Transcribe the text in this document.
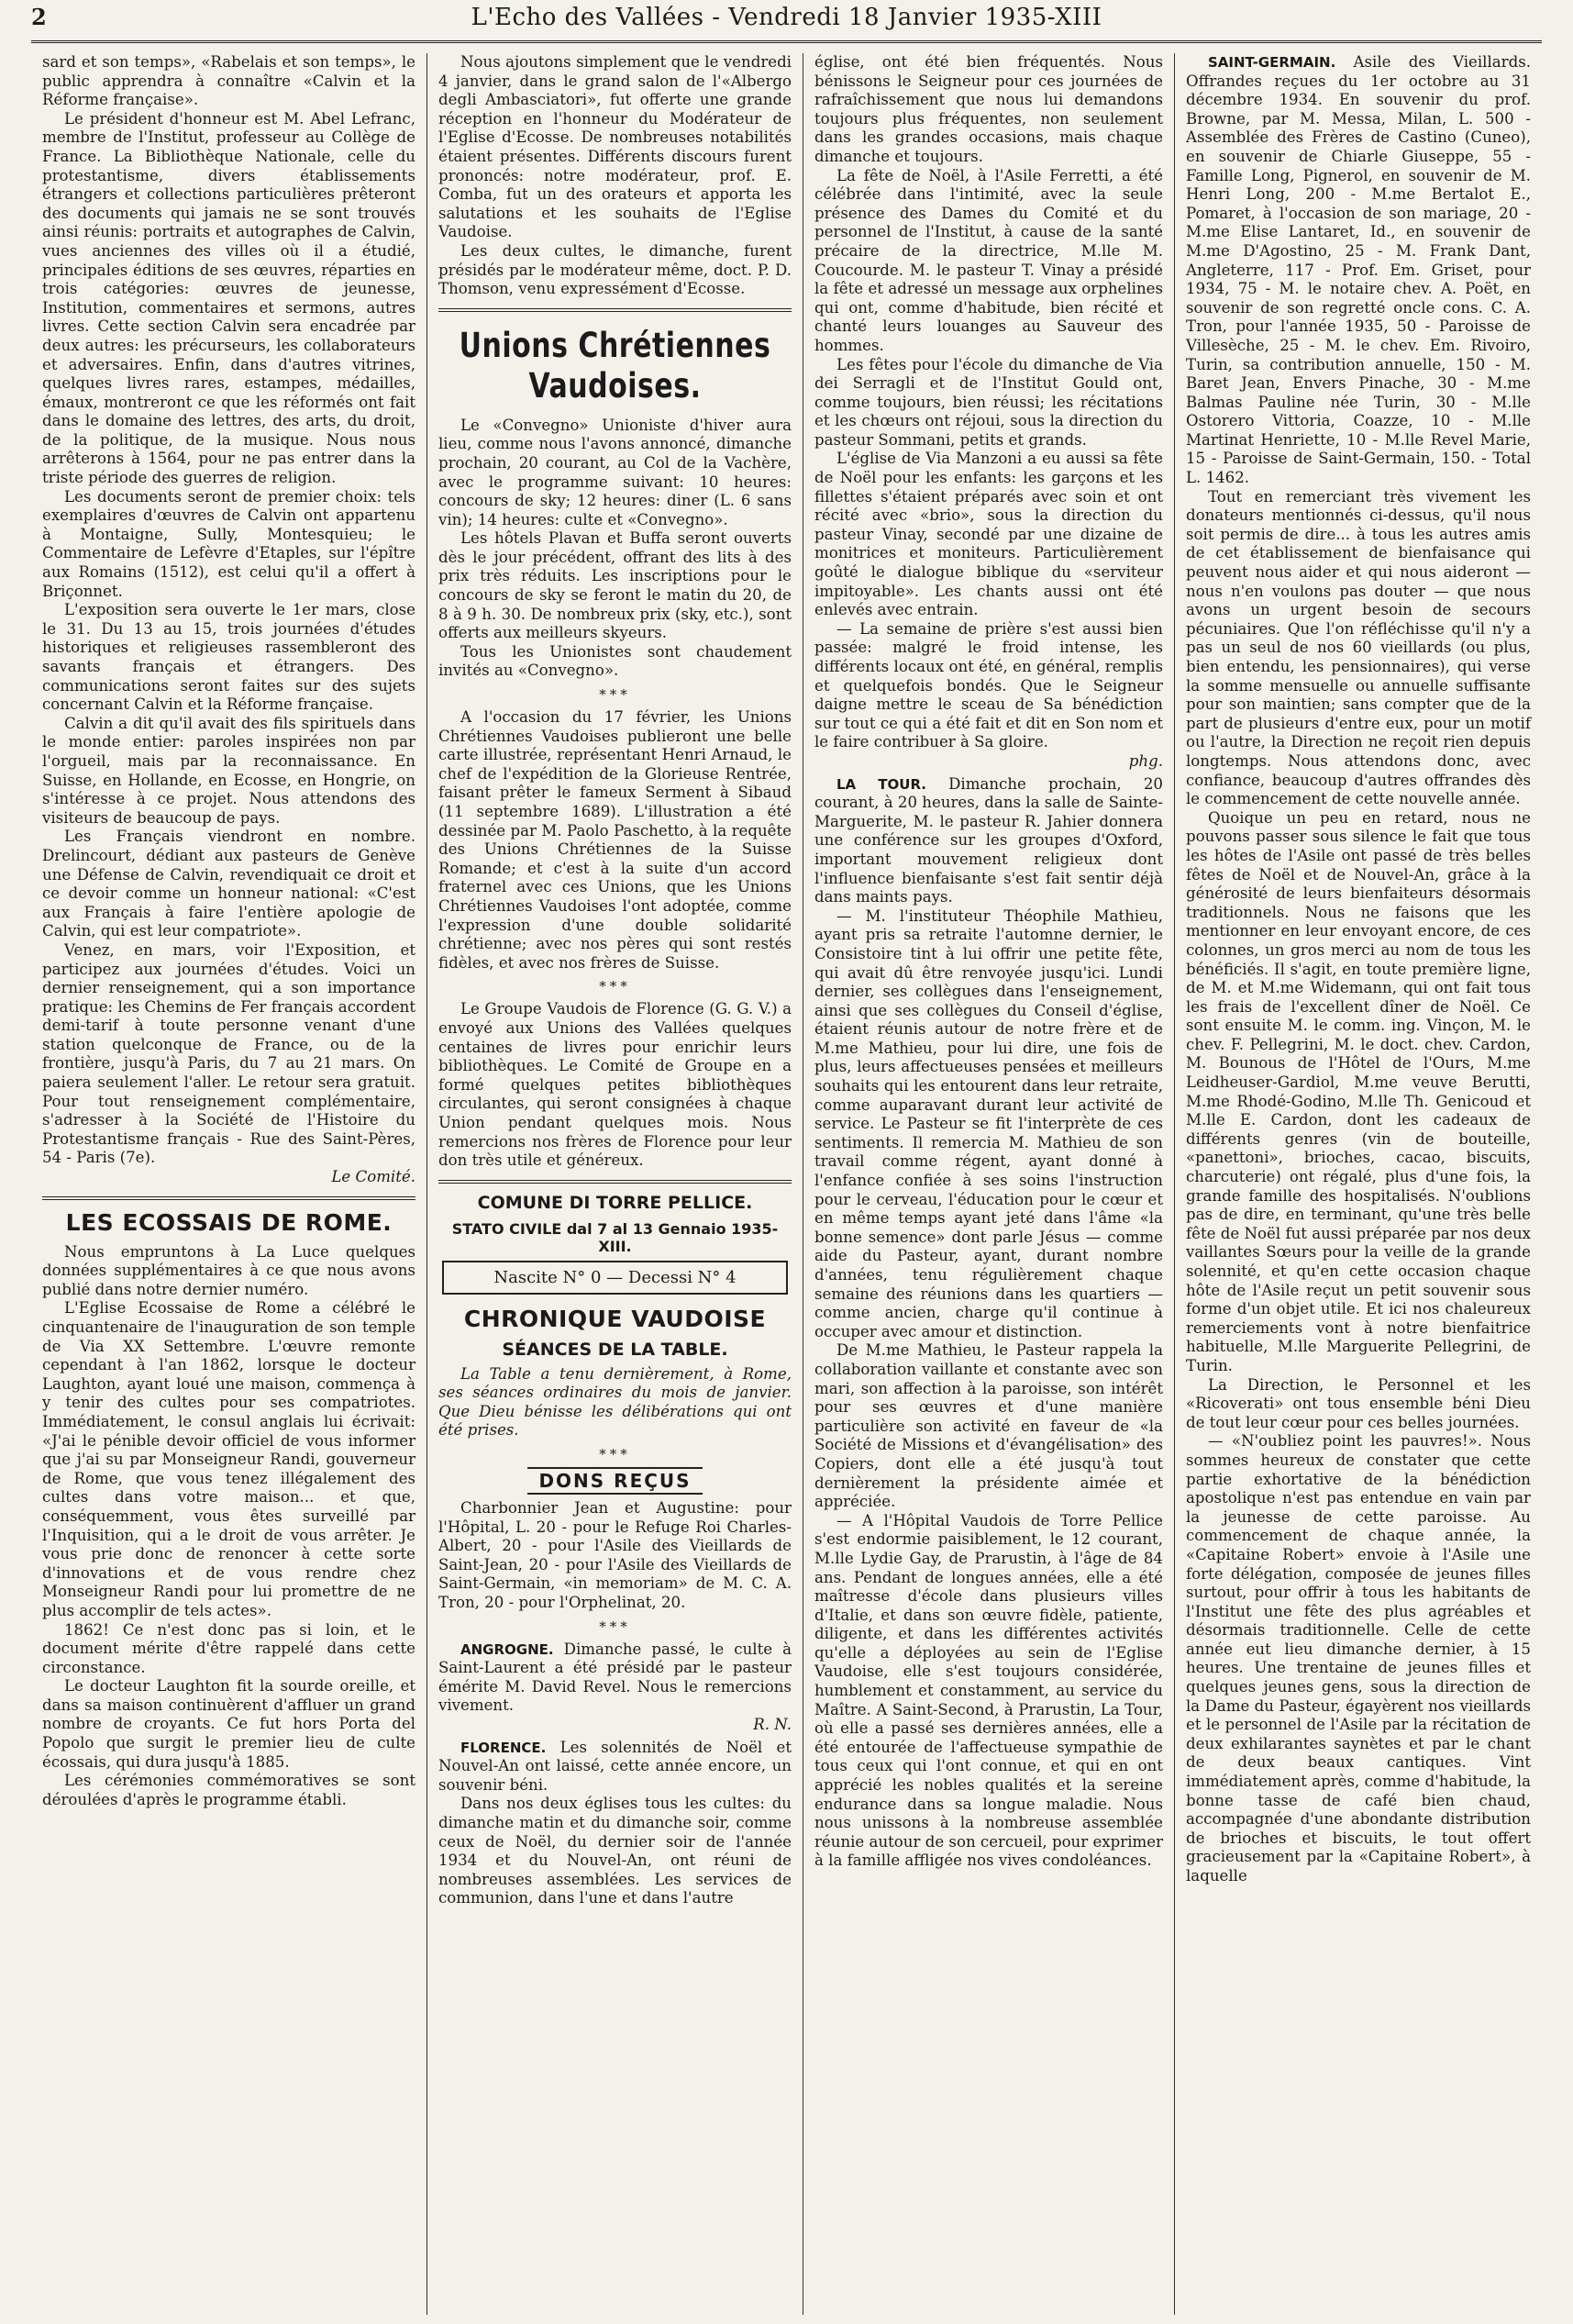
2	L'Echo des Vallées - Vendredi 18 Janvier 1935-XIII

sard et son temps», «Rabelais et son temps», le public apprendra à connaître «Calvin et la Réforme française».

Le président d'honneur est M. Abel Lefranc, membre de l'Institut, professeur au Collège de France. La Bibliothèque Nationale, celle du protestantisme, divers établissements étrangers et collections particulières prêteront des documents qui jamais ne se sont trouvés ainsi réunis: portraits et autographes de Calvin, vues anciennes des villes où il a étudié, principales éditions de ses œuvres, réparties en trois catégories: œuvres de jeunesse, Institution, commentaires et sermons, autres livres. Cette section Calvin sera encadrée par deux autres: les précurseurs, les collaborateurs et adversaires. Enfin, dans d'autres vitrines, quelques livres rares, estampes, médailles, émaux, montreront ce que les réformés ont fait dans le domaine des lettres, des arts, du droit, de la politique, de la musique. Nous nous arrêterons à 1564, pour ne pas entrer dans la triste période des guerres de religion.

Les documents seront de premier choix: tels exemplaires d'œuvres de Calvin ont appartenu à Montaigne, Sully, Montesquieu; le Commentaire de Lefèvre d'Etaples, sur l'épître aux Romains (1512), est celui qu'il a offert à Briçonnet.

L'exposition sera ouverte le 1er mars, close le 31. Du 13 au 15, trois journées d'études historiques et religieuses rassembleront des savants français et étrangers. Des communications seront faites sur des sujets concernant Calvin et la Réforme française.

Calvin a dit qu'il avait des fils spirituels dans le monde entier: paroles inspirées non par l'orgueil, mais par la reconnaissance. En Suisse, en Hollande, en Ecosse, en Hongrie, on s'intéresse à ce projet. Nous attendons des visiteurs de beaucoup de pays.

Les Français viendront en nombre. Drelincourt, dédiant aux pasteurs de Genève une Défense de Calvin, revendiquait ce droit et ce devoir comme un honneur national: «C'est aux Français à faire l'entière apologie de Calvin, qui est leur compatriote».

Venez, en mars, voir l'Exposition, et participez aux journées d'études. Voici un dernier renseignement, qui a son importance pratique: les Chemins de Fer français accordent demi-tarif à toute personne venant d'une station quelconque de France, ou de la frontière, jusqu'à Paris, du 7 au 21 mars. On paiera seulement l'aller. Le retour sera gratuit. Pour tout renseignement complémentaire, s'adresser à la Société de l'Histoire du Protestantisme français - Rue des Saint-Pères, 54 - Paris (7e).

Le Comité.
LES ECOSSAIS DE ROME.

Nous empruntons à La Luce quelques données supplémentaires à ce que nous avons publié dans notre dernier numéro.

L'Eglise Ecossaise de Rome a célébré le cinquantenaire de l'inauguration de son temple de Via XX Settembre. L'œuvre remonte cependant à l'an 1862, lorsque le docteur Laughton, ayant loué une maison, commença à y tenir des cultes pour ses compatriotes. Immédiatement, le consul anglais lui écrivait: «J'ai le pénible devoir officiel de vous informer que j'ai su par Monseigneur Randi, gouverneur de Rome, que vous tenez illégalement des cultes dans votre maison... et que, conséquemment, vous êtes surveillé par l'Inquisition, qui a le droit de vous arrêter. Je vous prie donc de renoncer à cette sorte d'innovations et de vous rendre chez Monseigneur Randi pour lui promettre de ne plus accomplir de tels actes».

1862! Ce n'est donc pas si loin, et le document mérite d'être rappelé dans cette circonstance.

Le docteur Laughton fit la sourde oreille, et dans sa maison continuèrent d'affluer un grand nombre de croyants. Ce fut hors Porta del Popolo que surgit le premier lieu de culte écossais, qui dura jusqu'à 1885.

Les cérémonies commémoratives se sont déroulées d'après le programme établi.

Nous ajoutons simplement que le vendredi 4 janvier, dans le grand salon de l'«Albergo degli Ambasciatori», fut offerte une grande réception en l'honneur du Modérateur de l'Eglise d'Ecosse. De nombreuses notabilités étaient présentes. Différents discours furent prononcés: notre modérateur, prof. E. Comba, fut un des orateurs et apporta les salutations et les souhaits de l'Eglise Vaudoise.

Les deux cultes, le dimanche, furent présidés par le modérateur même, doct. P. D. Thomson, venu expressément d'Ecosse.

Unions Chrétiennes Vaudoises.

Le «Convegno» Unioniste d'hiver aura lieu, comme nous l'avons annoncé, dimanche prochain, 20 courant, au Col de la Vachère, avec le programme suivant: 10 heures: concours de sky; 12 heures: diner (L. 6 sans vin); 14 heures: culte et «Convegno».

Les hôtels Plavan et Buffa seront ouverts dès le jour précédent, offrant des lits à des prix très réduits. Les inscriptions pour le concours de sky se feront le matin du 20, de 8 à 9 h. 30. De nombreux prix (sky, etc.), sont offerts aux meilleurs skyeurs.

Tous les Unionistes sont chaudement invités au «Convegno».

***

A l'occasion du 17 février, les Unions Chrétiennes Vaudoises publieront une belle carte illustrée, représentant Henri Arnaud, le chef de l'expédition de la Glorieuse Rentrée, faisant prêter le fameux Serment à Sibaud (11 septembre 1689). L'illustration a été dessinée par M. Paolo Paschetto, à la requête des Unions Chrétiennes de la Suisse Romande; et c'est à la suite d'un accord fraternel avec ces Unions, que les Unions Chrétiennes Vaudoises l'ont adoptée, comme l'expression d'une double solidarité chrétienne; avec nos pères qui sont restés fidèles, et avec nos frères de Suisse.

***

Le Groupe Vaudois de Florence (G. G. V.) a envoyé aux Unions des Vallées quelques centaines de livres pour enrichir leurs bibliothèques. Le Comité de Groupe en a formé quelques petites bibliothèques circulantes, qui seront consignées à chaque Union pendant quelques mois. Nous remercions nos frères de Florence pour leur don très utile et généreux.

COMUNE DI TORRE PELLICE.
STATO CIVILE dal 7 al 13 Gennaio 1935-XIII.
Nascite N° 0 — Decessi N° 4
CHRONIQUE VAUDOISE
SÉANCES DE LA TABLE.

La Table a tenu dernièrement, à Rome, ses séances ordinaires du mois de janvier. Que Dieu bénisse les délibérations qui ont été prises.

***
DONS REÇUS

Charbonnier Jean et Augustine: pour l'Hôpital, L. 20 - pour le Refuge Roi Charles-Albert, 20 - pour l'Asile des Vieillards de Saint-Jean, 20 - pour l'Asile des Vieillards de Saint-Germain, «in memoriam» de M. C. A. Tron, 20 - pour l'Orphelinat, 20.

***

ANGROGNE. Dimanche passé, le culte à Saint-Laurent a été présidé par le pasteur émérite M. David Revel. Nous le remercions vivement.

R. N.

FLORENCE. Les solennités de Noël et Nouvel-An ont laissé, cette année encore, un souvenir béni.

Dans nos deux églises tous les cultes: du dimanche matin et du dimanche soir, comme ceux de Noël, du dernier soir de l'année 1934 et du Nouvel-An, ont réuni de nombreuses assemblées. Les services de communion, dans l'une et dans l'autre

église, ont été bien fréquentés. Nous bénissons le Seigneur pour ces journées de rafraîchissement que nous lui demandons toujours plus fréquentes, non seulement dans les grandes occasions, mais chaque dimanche et toujours.

La fête de Noël, à l'Asile Ferretti, a été célébrée dans l'intimité, avec la seule présence des Dames du Comité et du personnel de l'Institut, à cause de la santé précaire de la directrice, M.lle M. Coucourde. M. le pasteur T. Vinay a présidé la fête et adressé un message aux orphelines qui ont, comme d'habitude, bien récité et chanté leurs louanges au Sauveur des hommes.

Les fêtes pour l'école du dimanche de Via dei Serragli et de l'Institut Gould ont, comme toujours, bien réussi; les récitations et les chœurs ont réjoui, sous la direction du pasteur Sommani, petits et grands.

L'église de Via Manzoni a eu aussi sa fête de Noël pour les enfants: les garçons et les fillettes s'étaient préparés avec soin et ont récité avec «brio», sous la direction du pasteur Vinay, secondé par une dizaine de monitrices et moniteurs. Particulièrement goûté le dialogue biblique du «serviteur impitoyable». Les chants aussi ont été enlevés avec entrain.

— La semaine de prière s'est aussi bien passée: malgré le froid intense, les différents locaux ont été, en général, remplis et quelquefois bondés. Que le Seigneur daigne mettre le sceau de Sa bénédiction sur tout ce qui a été fait et dit en Son nom et le faire contribuer à Sa gloire.

phg.

LA TOUR. Dimanche prochain, 20 courant, à 20 heures, dans la salle de Sainte-Marguerite, M. le pasteur R. Jahier donnera une conférence sur les groupes d'Oxford, important mouvement religieux dont l'influence bienfaisante s'est fait sentir déjà dans maints pays.

— M. l'instituteur Théophile Mathieu, ayant pris sa retraite l'automne dernier, le Consistoire tint à lui offrir une petite fête, qui avait dû être renvoyée jusqu'ici. Lundi dernier, ses collègues dans l'enseignement, ainsi que ses collègues du Conseil d'église, étaient réunis autour de notre frère et de M.me Mathieu, pour lui dire, une fois de plus, leurs affectueuses pensées et meilleurs souhaits qui les entourent dans leur retraite, comme auparavant durant leur activité de service. Le Pasteur se fit l'interprète de ces sentiments. Il remercia M. Mathieu de son travail comme régent, ayant donné à l'enfance confiée à ses soins l'instruction pour le cerveau, l'éducation pour le cœur et en même temps ayant jeté dans l'âme «la bonne semence» dont parle Jésus — comme aide du Pasteur, ayant, durant nombre d'années, tenu régulièrement chaque semaine des réunions dans les quartiers — comme ancien, charge qu'il continue à occuper avec amour et distinction.

De M.me Mathieu, le Pasteur rappela la collaboration vaillante et constante avec son mari, son affection à la paroisse, son intérêt pour ses œuvres et d'une manière particulière son activité en faveur de «la Société de Missions et d'évangélisation» des Copiers, dont elle a été jusqu'à tout dernièrement la présidente aimée et appréciée.

— A l'Hôpital Vaudois de Torre Pellice s'est endormie paisiblement, le 12 courant, M.lle Lydie Gay, de Prarustin, à l'âge de 84 ans. Pendant de longues années, elle a été maîtresse d'école dans plusieurs villes d'Italie, et dans son œuvre fidèle, patiente, diligente, et dans les différentes activités qu'elle a déployées au sein de l'Eglise Vaudoise, elle s'est toujours considérée, humblement et constamment, au service du Maître. A Saint-Second, à Prarustin, La Tour, où elle a passé ses dernières années, elle a été entourée de l'affectueuse sympathie de tous ceux qui l'ont connue, et qui en ont apprécié les nobles qualités et la sereine endurance dans sa longue maladie. Nous nous unissons à la nombreuse assemblée réunie autour de son cercueil, pour exprimer à la famille affligée nos vives condoléances.

SAINT-GERMAIN. Asile des Vieillards. Offrandes reçues du 1er octobre au 31 décembre 1934. En souvenir du prof. Browne, par M. Messa, Milan, L. 500 - Assemblée des Frères de Castino (Cuneo), en souvenir de Chiarle Giuseppe, 55 - Famille Long, Pignerol, en souvenir de M. Henri Long, 200 - M.me Bertalot E., Pomaret, à l'occasion de son mariage, 20 - M.me Elise Lantaret, Id., en souvenir de M.me D'Agostino, 25 - M. Frank Dant, Angleterre, 117 - Prof. Em. Griset, pour 1934, 75 - M. le notaire chev. A. Poët, en souvenir de son regretté oncle cons. C. A. Tron, pour l'année 1935, 50 - Paroisse de Villesèche, 25 - M. le chev. Em. Rivoiro, Turin, sa contribution annuelle, 150 - M. Baret Jean, Envers Pinache, 30 - M.me Balmas Pauline née Turin, 30 - M.lle Ostorero Vittoria, Coazze, 10 - M.lle Martinat Henriette, 10 - M.lle Revel Marie, 15 - Paroisse de Saint-Germain, 150. - Total L. 1462.

Tout en remerciant très vivement les donateurs mentionnés ci-dessus, qu'il nous soit permis de dire... à tous les autres amis de cet établissement de bienfaisance qui peuvent nous aider et qui nous aideront — nous n'en voulons pas douter — que nous avons un urgent besoin de secours pécuniaires. Que l'on réfléchisse qu'il n'y a pas un seul de nos 60 vieillards (ou plus, bien entendu, les pensionnaires), qui verse la somme mensuelle ou annuelle suffisante pour son maintien; sans compter que de la part de plusieurs d'entre eux, pour un motif ou l'autre, la Direction ne reçoit rien depuis longtemps. Nous attendons donc, avec confiance, beaucoup d'autres offrandes dès le commencement de cette nouvelle année.

Quoique un peu en retard, nous ne pouvons passer sous silence le fait que tous les hôtes de l'Asile ont passé de très belles fêtes de Noël et de Nouvel-An, grâce à la générosité de leurs bienfaiteurs désormais traditionnels. Nous ne faisons que les mentionner en leur envoyant encore, de ces colonnes, un gros merci au nom de tous les bénéficiés. Il s'agit, en toute première ligne, de M. et M.me Widemann, qui ont fait tous les frais de l'excellent dîner de Noël. Ce sont ensuite M. le comm. ing. Vinçon, M. le chev. F. Pellegrini, M. le doct. chev. Cardon, M. Bounous de l'Hôtel de l'Ours, M.me Leidheuser-Gardiol, M.me veuve Berutti, M.me Rhodé-Godino, M.lle Th. Genicoud et M.lle E. Cardon, dont les cadeaux de différents genres (vin de bouteille, «panettoni», brioches, cacao, biscuits, charcuterie) ont régalé, plus d'une fois, la grande famille des hospitalisés. N'oublions pas de dire, en terminant, qu'une très belle fête de Noël fut aussi préparée par nos deux vaillantes Sœurs pour la veille de la grande solennité, et qu'en cette occasion chaque hôte de l'Asile reçut un petit souvenir sous forme d'un objet utile. Et ici nos chaleureux remerciements vont à notre bienfaitrice habituelle, M.lle Marguerite Pellegrini, de Turin.

La Direction, le Personnel et les «Ricoverati» ont tous ensemble béni Dieu de tout leur cœur pour ces belles journées.

— «N'oubliez point les pauvres!». Nous sommes heureux de constater que cette partie exhortative de la bénédiction apostolique n'est pas entendue en vain par la jeunesse de cette paroisse. Au commencement de chaque année, la «Capitaine Robert» envoie à l'Asile une forte délégation, composée de jeunes filles surtout, pour offrir à tous les habitants de l'Institut une fête des plus agréables et désormais traditionnelle. Celle de cette année eut lieu dimanche dernier, à 15 heures. Une trentaine de jeunes filles et quelques jeunes gens, sous la direction de la Dame du Pasteur, égayèrent nos vieillards et le personnel de l'Asile par la récitation de deux exhilarantes saynètes et par le chant de deux beaux cantiques. Vint immédiatement après, comme d'habitude, la bonne tasse de café bien chaud, accompagnée d'une abondante distribution de brioches et biscuits, le tout offert gracieusement par la «Capitaine Robert», à laquelle
